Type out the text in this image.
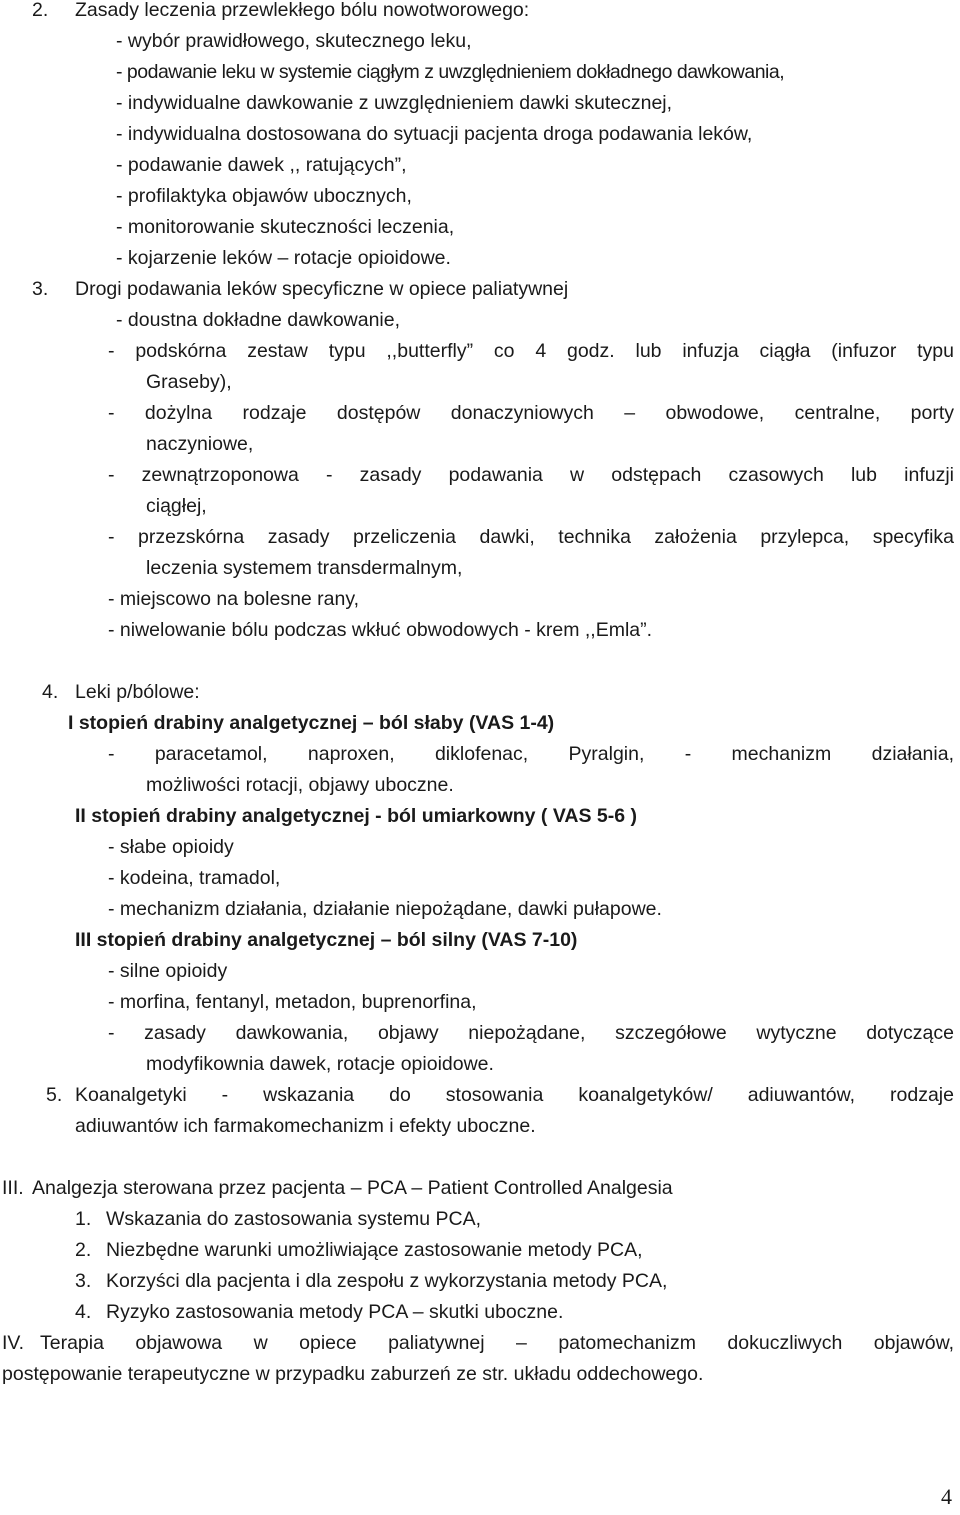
2. Zasady leczenia przewlekłego bólu nowotworowego:
- wybór prawidłowego, skutecznego leku,
- podawanie leku w systemie ciągłym z uwzględnieniem dokładnego dawkowania,
- indywidualne dawkowanie z uwzględnieniem dawki skutecznej,
- indywidualna dostosowana do sytuacji pacjenta droga podawania leków,
- podawanie dawek ,, ratujących”,
- profilaktyka objawów ubocznych,
- monitorowanie skuteczności leczenia,
- kojarzenie leków – rotacje opioidowe.
3. Drogi podawania leków specyficzne w opiece paliatywnej
- doustna dokładne dawkowanie,
- podskórna zestaw typu ,,butterfly” co 4 godz. lub infuzja ciągła (infuzor typu
Graseby),
- dożylna rodzaje dostępów donaczyniowych – obwodowe, centralne, porty
naczyniowe,
- zewnątrzoponowa - zasady podawania w odstępach czasowych lub infuzji
ciągłej,
- przezskórna zasady przeliczenia dawki, technika założenia przylepca, specyfika
leczenia systemem transdermalnym,
- miejscowo na bolesne rany,
- niwelowanie bólu podczas wkłuć obwodowych - krem ,,Emla”.
4. Leki p/bólowe:
I stopień drabiny analgetycznej – ból słaby (VAS 1-4)
- paracetamol, naproxen, diklofenac, Pyralgin, - mechanizm działania,
możliwości rotacji, objawy uboczne.
II stopień drabiny analgetycznej - ból umiarkowny ( VAS 5-6 )
- słabe opioidy
- kodeina, tramadol,
- mechanizm działania, działanie niepożądane, dawki pułapowe.
III stopień drabiny analgetycznej – ból silny (VAS 7-10)
- silne opioidy
- morfina, fentanyl, metadon, buprenorfina,
- zasady dawkowania, objawy niepożądane, szczegółowe wytyczne dotyczące
modyfikownia dawek, rotacje opioidowe.
5. Koanalgetyki - wskazania do stosowania koanalgetyków/ adiuwantów, rodzaje
adiuwantów ich farmakomechanizm i efekty uboczne.
III. Analgezja sterowana przez pacjenta – PCA – Patient Controlled Analgesia
1. Wskazania do zastosowania systemu PCA,
2. Niezbędne warunki umożliwiające zastosowanie metody PCA,
3. Korzyści dla pacjenta i dla zespołu z wykorzystania metody PCA,
4. Ryzyko zastosowania metody PCA – skutki uboczne.
IV. Terapia objawowa w opiece paliatywnej – patomechanizm dokuczliwych objawów,
postępowanie terapeutyczne w przypadku zaburzeń ze str. układu oddechowego.
4
